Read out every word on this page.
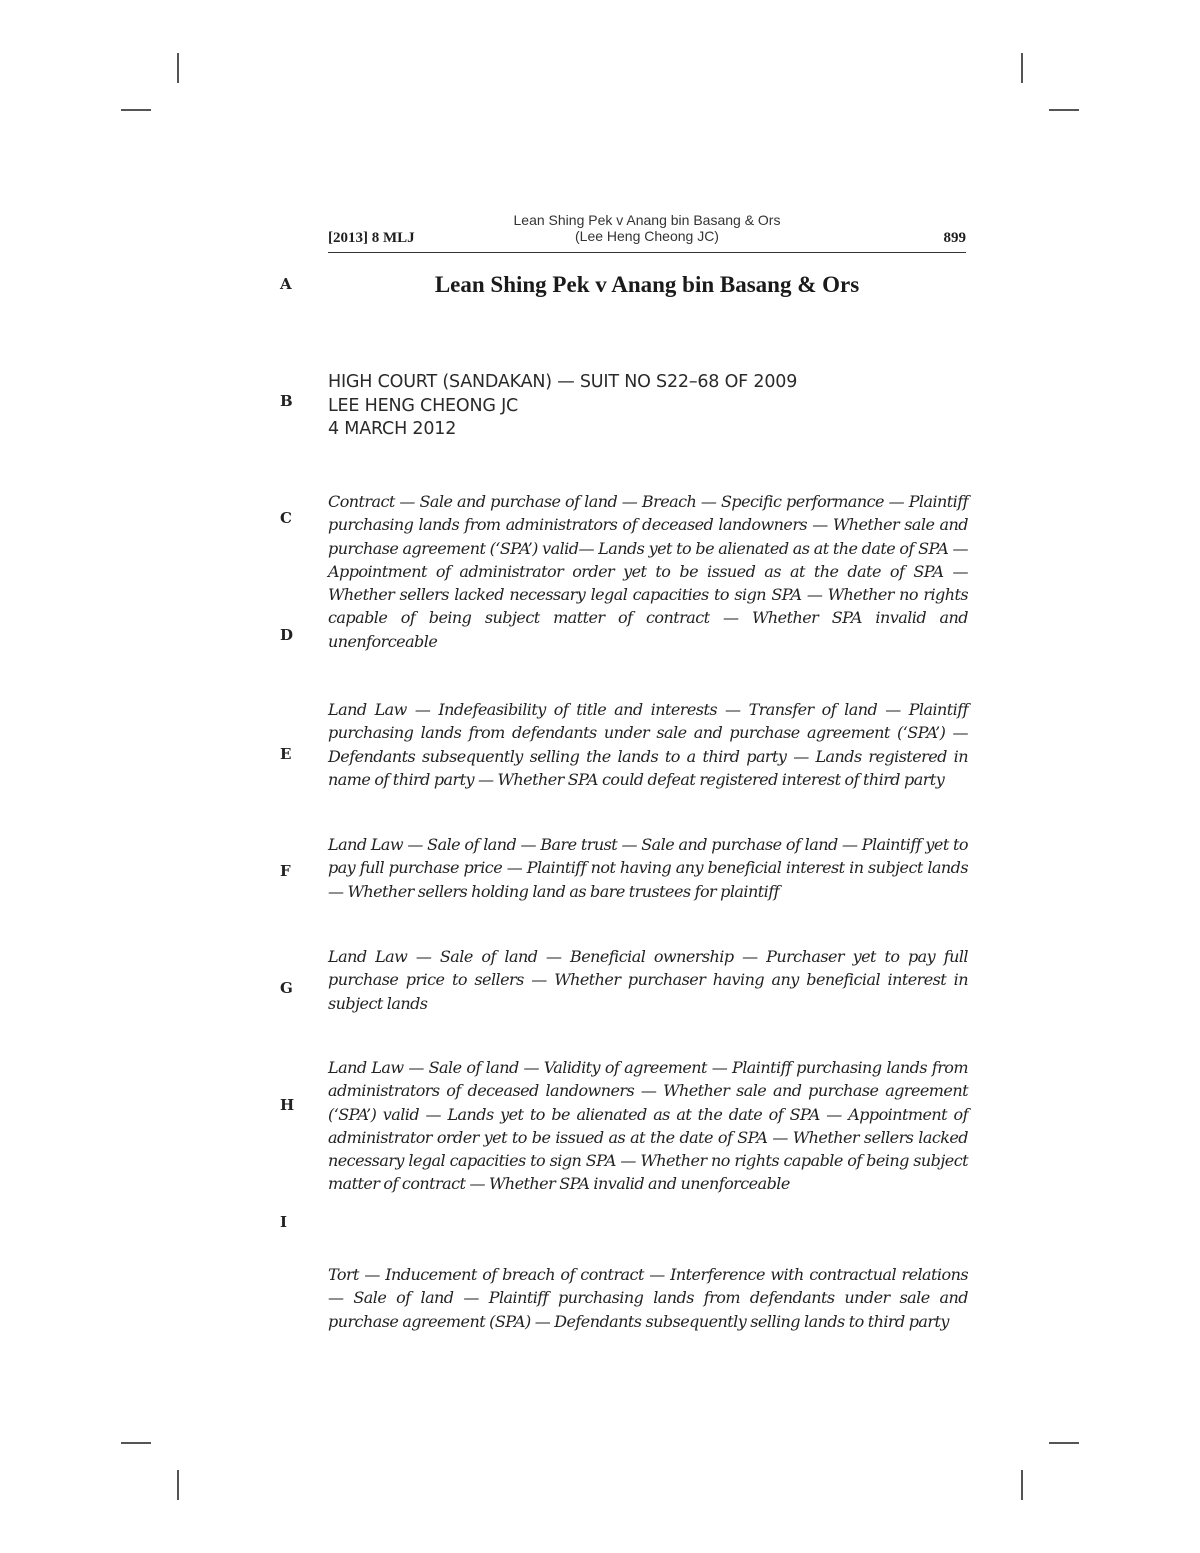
[2013] 8 MLJ
Lean Shing Pek v Anang bin Basang & Ors
(Lee Heng Cheong JC)	899
A
B
C
D
E
F
G
H
I
Lean Shing Pek v Anang bin Basang & Ors
HIGH COURT (SANDAKAN) — SUIT NO S22–68 OF 2009
LEE HENG CHEONG JC
4 MARCH 2012
Contract — Sale and purchase of land — Breach — Specific performance — Plaintiff purchasing lands from administrators of deceased landowners — Whether sale and purchase agreement (‘SPA’) valid— Lands yet to be alienated as at the date of SPA — Appointment of administrator order yet to be issued as at the date of SPA — Whether sellers lacked necessary legal capacities to sign SPA — Whether no rights capable of being subject matter of contract — Whether SPA invalid and unenforceable
Land Law — Indefeasibility of title and interests — Transfer of land — Plaintiff purchasing lands from defendants under sale and purchase agreement (‘SPA’) — Defendants subsequently selling the lands to a third party — Lands registered in name of third party — Whether SPA could defeat registered interest of third party
Land Law — Sale of land — Bare trust — Sale and purchase of land — Plaintiff yet to pay full purchase price — Plaintiff not having any beneficial interest in subject lands — Whether sellers holding land as bare trustees for plaintiff
Land Law — Sale of land — Beneficial ownership — Purchaser yet to pay full purchase price to sellers — Whether purchaser having any beneficial interest in subject lands
Land Law — Sale of land — Validity of agreement — Plaintiff purchasing lands from administrators of deceased landowners — Whether sale and purchase agreement (‘SPA’) valid — Lands yet to be alienated as at the date of SPA — Appointment of administrator order yet to be issued as at the date of SPA — Whether sellers lacked necessary legal capacities to sign SPA — Whether no rights capable of being subject matter of contract — Whether SPA invalid and unenforceable
Tort — Inducement of breach of contract — Interference with contractual relations — Sale of land — Plaintiff purchasing lands from defendants under sale and purchase agreement (SPA) — Defendants subsequently selling lands to third party
